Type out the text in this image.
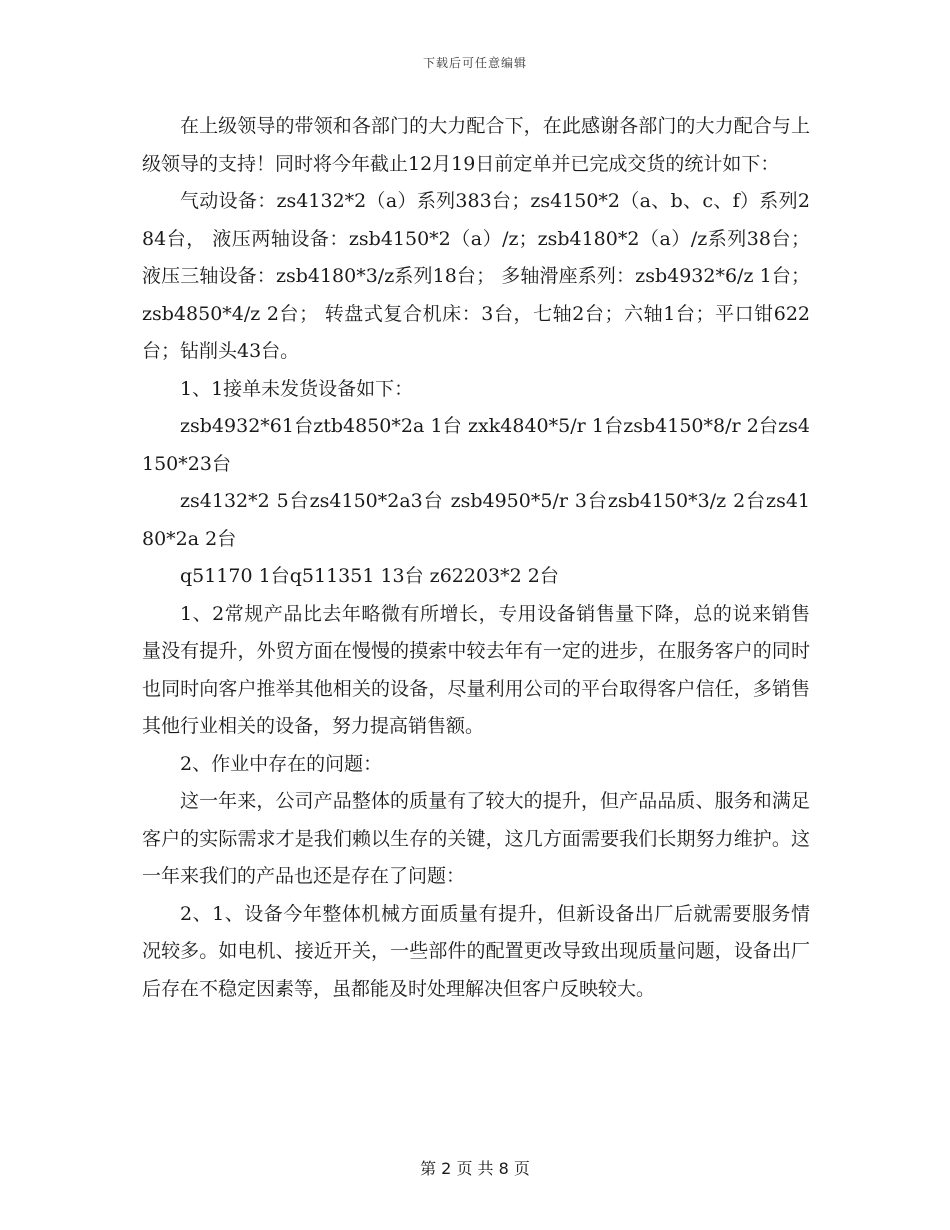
下载后可任意编辑

在上级领导的带领和各部门的大力配合下，在此感谢各部门的大力配合与上级领导的支持！同时将今年截止12月19日前定单并已完成交货的统计如下：

气动设备：zs4132*2（a）系列383台；zs4150*2（a、b、c、f）系列284台， 液压两轴设备：zsb4150*2（a）/z；zsb4180*2（a）/z系列38台； 液压三轴设备：zsb4180*3/z系列18台； 多轴滑座系列：zsb4932*6/z 1台；zsb4850*4/z 2台； 转盘式复合机床：3台，七轴2台；六轴1台；平口钳622台；钻削头43台。

1、1接单未发货设备如下：

zsb4932*61台ztb4850*2a 1台 zxk4840*5/r 1台zsb4150*8/r 2台zs4150*23台

zs4132*2 5台zs4150*2a3台 zsb4950*5/r 3台zsb4150*3/z 2台zs4180*2a 2台

q51170 1台q511351 13台 z62203*2 2台

1、2常规产品比去年略微有所增长，专用设备销售量下降，总的说来销售量没有提升，外贸方面在慢慢的摸索中较去年有一定的进步，在服务客户的同时也同时向客户推举其他相关的设备，尽量利用公司的平台取得客户信任，多销售其他行业相关的设备，努力提高销售额。

2、作业中存在的问题：

这一年来，公司产品整体的质量有了较大的提升，但产品品质、服务和满足客户的实际需求才是我们赖以生存的关键，这几方面需要我们长期努力维护。这一年来我们的产品也还是存在了问题：

2、1、设备今年整体机械方面质量有提升，但新设备出厂后就需要服务情况较多。如电机、接近开关，一些部件的配置更改导致出现质量问题，设备出厂后存在不稳定因素等，虽都能及时处理解决但客户反映较大。

第 2 页 共 8 页
